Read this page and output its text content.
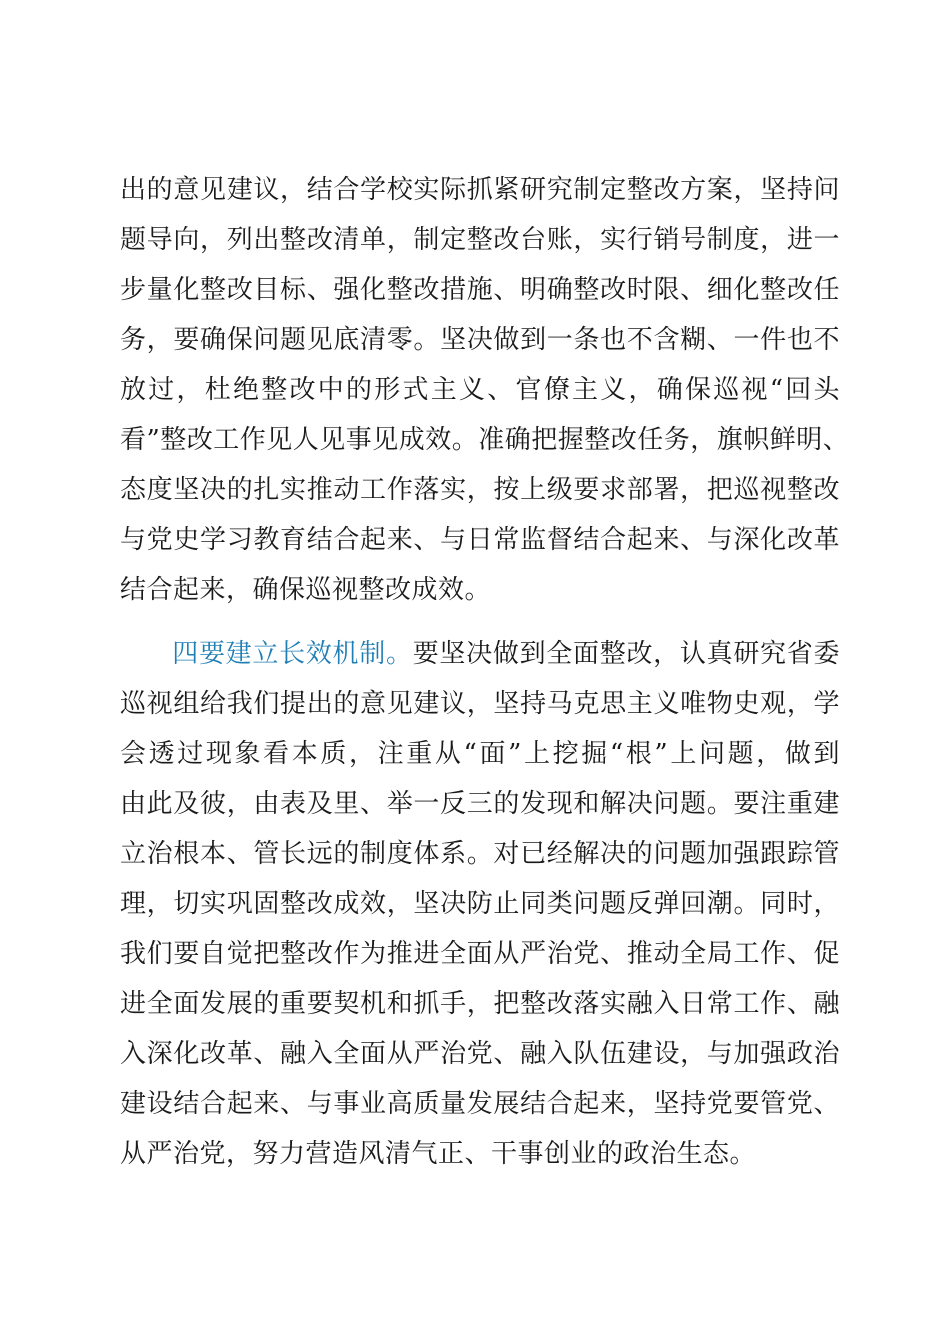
出的意见建议，结合学校实际抓紧研究制定整改方案，坚持问
题导向，列出整改清单，制定整改台账，实行销号制度，进一
步量化整改目标、强化整改措施、明确整改时限、细化整改任
务，要确保问题见底清零。坚决做到一条也不含糊、一件也不
放过，杜绝整改中的形式主义、官僚主义，确保巡视“回头
看”整改工作见人见事见成效。准确把握整改任务，旗帜鲜明、
态度坚决的扎实推动工作落实，按上级要求部署，把巡视整改
与党史学习教育结合起来、与日常监督结合起来、与深化改革
结合起来，确保巡视整改成效。
四要建立长效机制。要坚决做到全面整改，认真研究省委
巡视组给我们提出的意见建议，坚持马克思主义唯物史观，学
会透过现象看本质，注重从“面”上挖掘“根”上问题，做到
由此及彼，由表及里、举一反三的发现和解决问题。要注重建
立治根本、管长远的制度体系。对已经解决的问题加强跟踪管
理，切实巩固整改成效，坚决防止同类问题反弹回潮。同时，
我们要自觉把整改作为推进全面从严治党、推动全局工作、促
进全面发展的重要契机和抓手，把整改落实融入日常工作、融
入深化改革、融入全面从严治党、融入队伍建设，与加强政治
建设结合起来、与事业高质量发展结合起来，坚持党要管党、
从严治党，努力营造风清气正、干事创业的政治生态。
